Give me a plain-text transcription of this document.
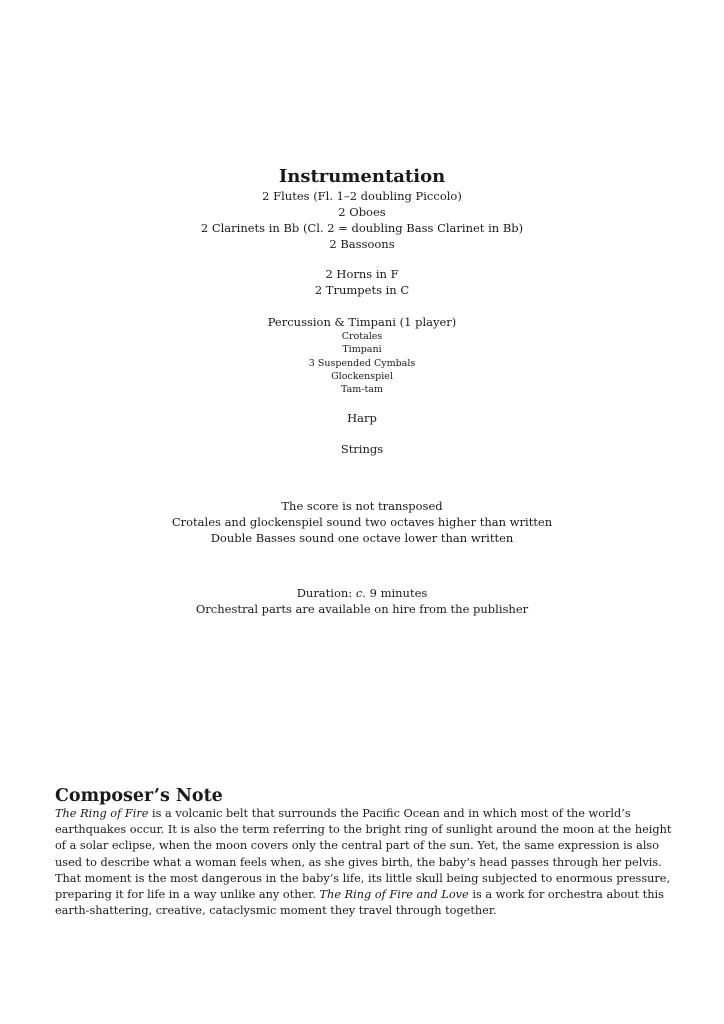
Instrumentation
2 Flutes (Fl. 1–2 doubling Piccolo)
2 Oboes
2 Clarinets in Bb (Cl. 2 = doubling Bass Clarinet in Bb)
2 Bassoons
2 Horns in F
2 Trumpets in C
Percussion & Timpani (1 player)
Crotales
Timpani
3 Suspended Cymbals
Glockenspiel
Tam-tam
Harp
Strings
The score is not transposed
Crotales and glockenspiel sound two octaves higher than written
Double Basses sound one octave lower than written
Duration: c. 9 minutes
Orchestral parts are available on hire from the publisher
Composer’s Note
The Ring of Fire is a volcanic belt that surrounds the Pacific Ocean and in which most of the world’s earthquakes occur. It is also the term referring to the bright ring of sunlight around the moon at the height of a solar eclipse, when the moon covers only the central part of the sun. Yet, the same expression is also used to describe what a woman feels when, as she gives birth, the baby’s head passes through her pelvis. That moment is the most dangerous in the baby’s life, its little skull being subjected to enormous pressure, preparing it for life in a way unlike any other. The Ring of Fire and Love is a work for orchestra about this earth-shattering, creative, cataclysmic moment they travel through together.
